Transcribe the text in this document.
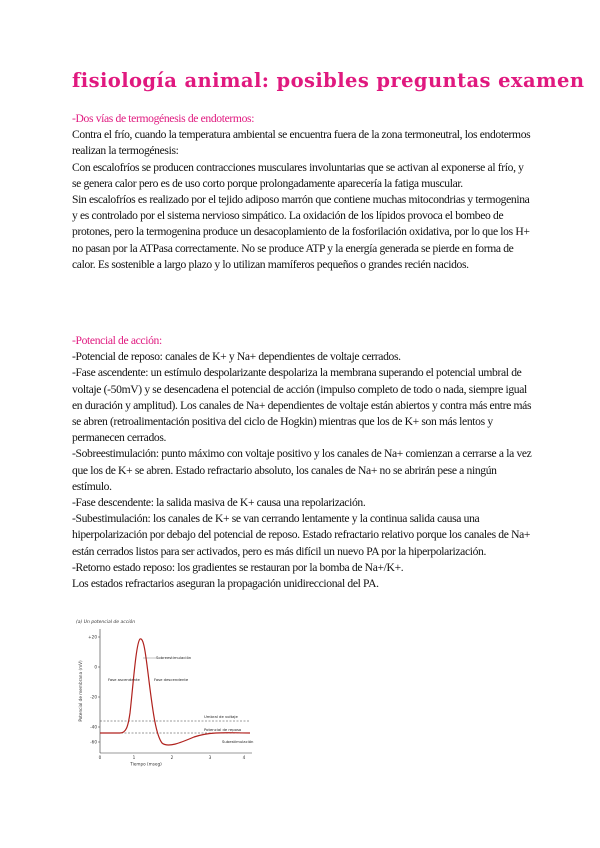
fisiología animal: posibles preguntas examen
-Dos vías de termogénesis de endotermos:

Contra el frío, cuando la temperatura ambiental se encuentra fuera de la zona termoneutral, los endotermos realizan la termogénesis:

Con escalofríos se producen contracciones musculares involuntarias que se activan al exponerse al frío, y se genera calor pero es de uso corto porque prolongadamente aparecería la fatiga muscular.

Sin escalofríos es realizado por el tejido adiposo marrón que contiene muchas mitocondrias y termogenina y es controlado por el sistema nervioso simpático. La oxidación de los lípidos provoca el bombeo de protones, pero la termogenina produce un desacoplamiento de la fosforilación oxidativa, por lo que los H+ no pasan por la ATPasa correctamente. No se produce ATP y la energía generada se pierde en forma de calor. Es sostenible a largo plazo y lo utilizan mamíferos pequeños o grandes recién nacidos.

-Potencial de acción:

-Potencial de reposo: canales de K+ y Na+ dependientes de voltaje cerrados.

-Fase ascendente: un estímulo despolarizante despolariza la membrana superando el potencial umbral de voltaje (-50mV) y se desencadena el potencial de acción (impulso completo de todo o nada, siempre igual en duración y amplitud). Los canales de Na+ dependientes de voltaje están abiertos y contra más entre más se abren (retroalimentación positiva del ciclo de Hogkin) mientras que los de K+ son más lentos y permanecen cerrados.

-Sobreestimulación: punto máximo con voltaje positivo y los canales de Na+ comienzan a cerrarse a la vez que los de K+ se abren. Estado refractario absoluto, los canales de Na+ no se abrirán pese a ningún estímulo.

-Fase descendente: la salida masiva de K+ causa una repolarización.

-Subestimulación: los canales de K+ se van cerrando lentamente y la continua salida causa una hiperpolarización por debajo del potencial de reposo. Estado refractario relativo porque los canales de Na+ están cerrados listos para ser activados, pero es más difícil un nuevo PA por la hiperpolarización.

-Retorno estado reposo: los gradientes se restauran por la bomba de Na+/K+.

Los estados refractarios aseguran la propagación unidireccional del PA.

(a) Un potencial de acción
+20
0
-20
-40
-60
0	1	2	3	4
Potencial de membrana (mV)
Tiempo (mseg)
Sobreestimulación
Fase ascendente	Fase descendente
Umbral de voltaje
Potencial de reposo
Subestimulación
